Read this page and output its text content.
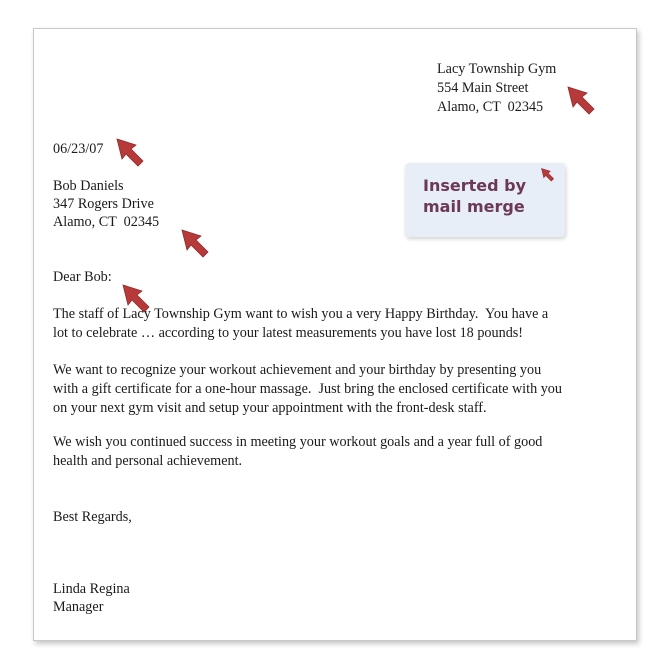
Lacy Township Gym
554 Main Street
Alamo, CT  02345
06/23/07
Bob Daniels
347 Rogers Drive
Alamo, CT  02345
Dear Bob:
The staff of Lacy Township Gym want to wish you a very Happy Birthday.  You have a
lot to celebrate … according to your latest measurements you have lost 18 pounds!
We want to recognize your workout achievement and your birthday by presenting you
with a gift certificate for a one-hour massage.  Just bring the enclosed certificate with you
on your next gym visit and setup your appointment with the front-desk staff.
We wish you continued success in meeting your workout goals and a year full of good
health and personal achievement.
Best Regards,
Linda Regina
Manager
Inserted by
mail merge
